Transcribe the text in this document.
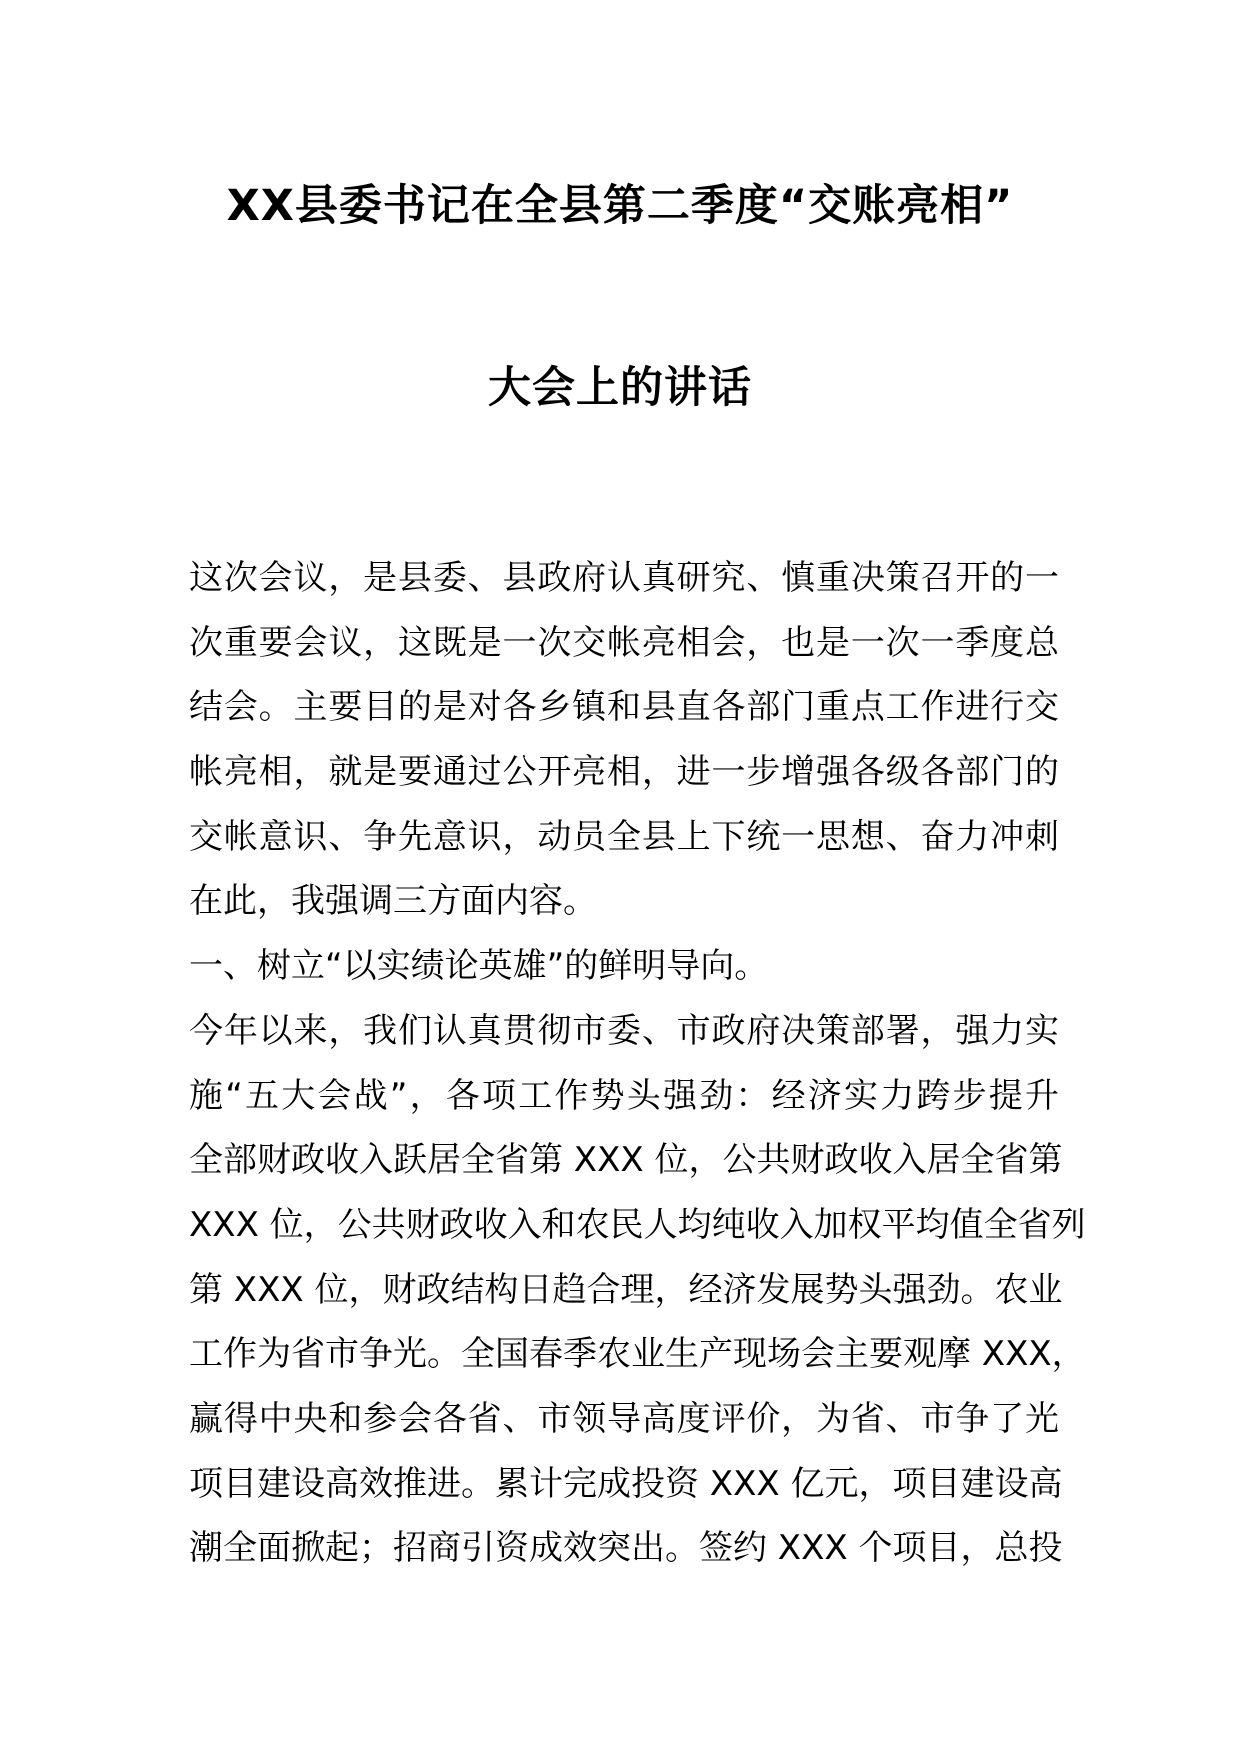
XX县委书记在全县第二季度“交账亮相”
大会上的讲话
这次会议，是县委、县政府认真研究、慎重决策召开的一
次重要会议，这既是一次交帐亮相会，也是一次一季度总
结会。主要目的是对各乡镇和县直各部门重点工作进行交
帐亮相，就是要通过公开亮相，进一步增强各级各部门的
交帐意识、争先意识，动员全县上下统一思想、奋力冲刺
在此，我强调三方面内容。
一、树立“以实绩论英雄”的鲜明导向。
今年以来，我们认真贯彻市委、市政府决策部署，强力实
施“五大会战”，各项工作势头强劲：经济实力跨步提升
全部财政收入跃居全省第 XXX 位，公共财政收入居全省第
XXX 位，公共财政收入和农民人均纯收入加权平均值全省列
第 XXX 位，财政结构日趋合理，经济发展势头强劲。农业
工作为省市争光。全国春季农业生产现场会主要观摩 XXX，
赢得中央和参会各省、市领导高度评价，为省、市争了光
项目建设高效推进。累计完成投资 XXX 亿元，项目建设高
潮全面掀起；招商引资成效突出。签约 XXX 个项目，总投
